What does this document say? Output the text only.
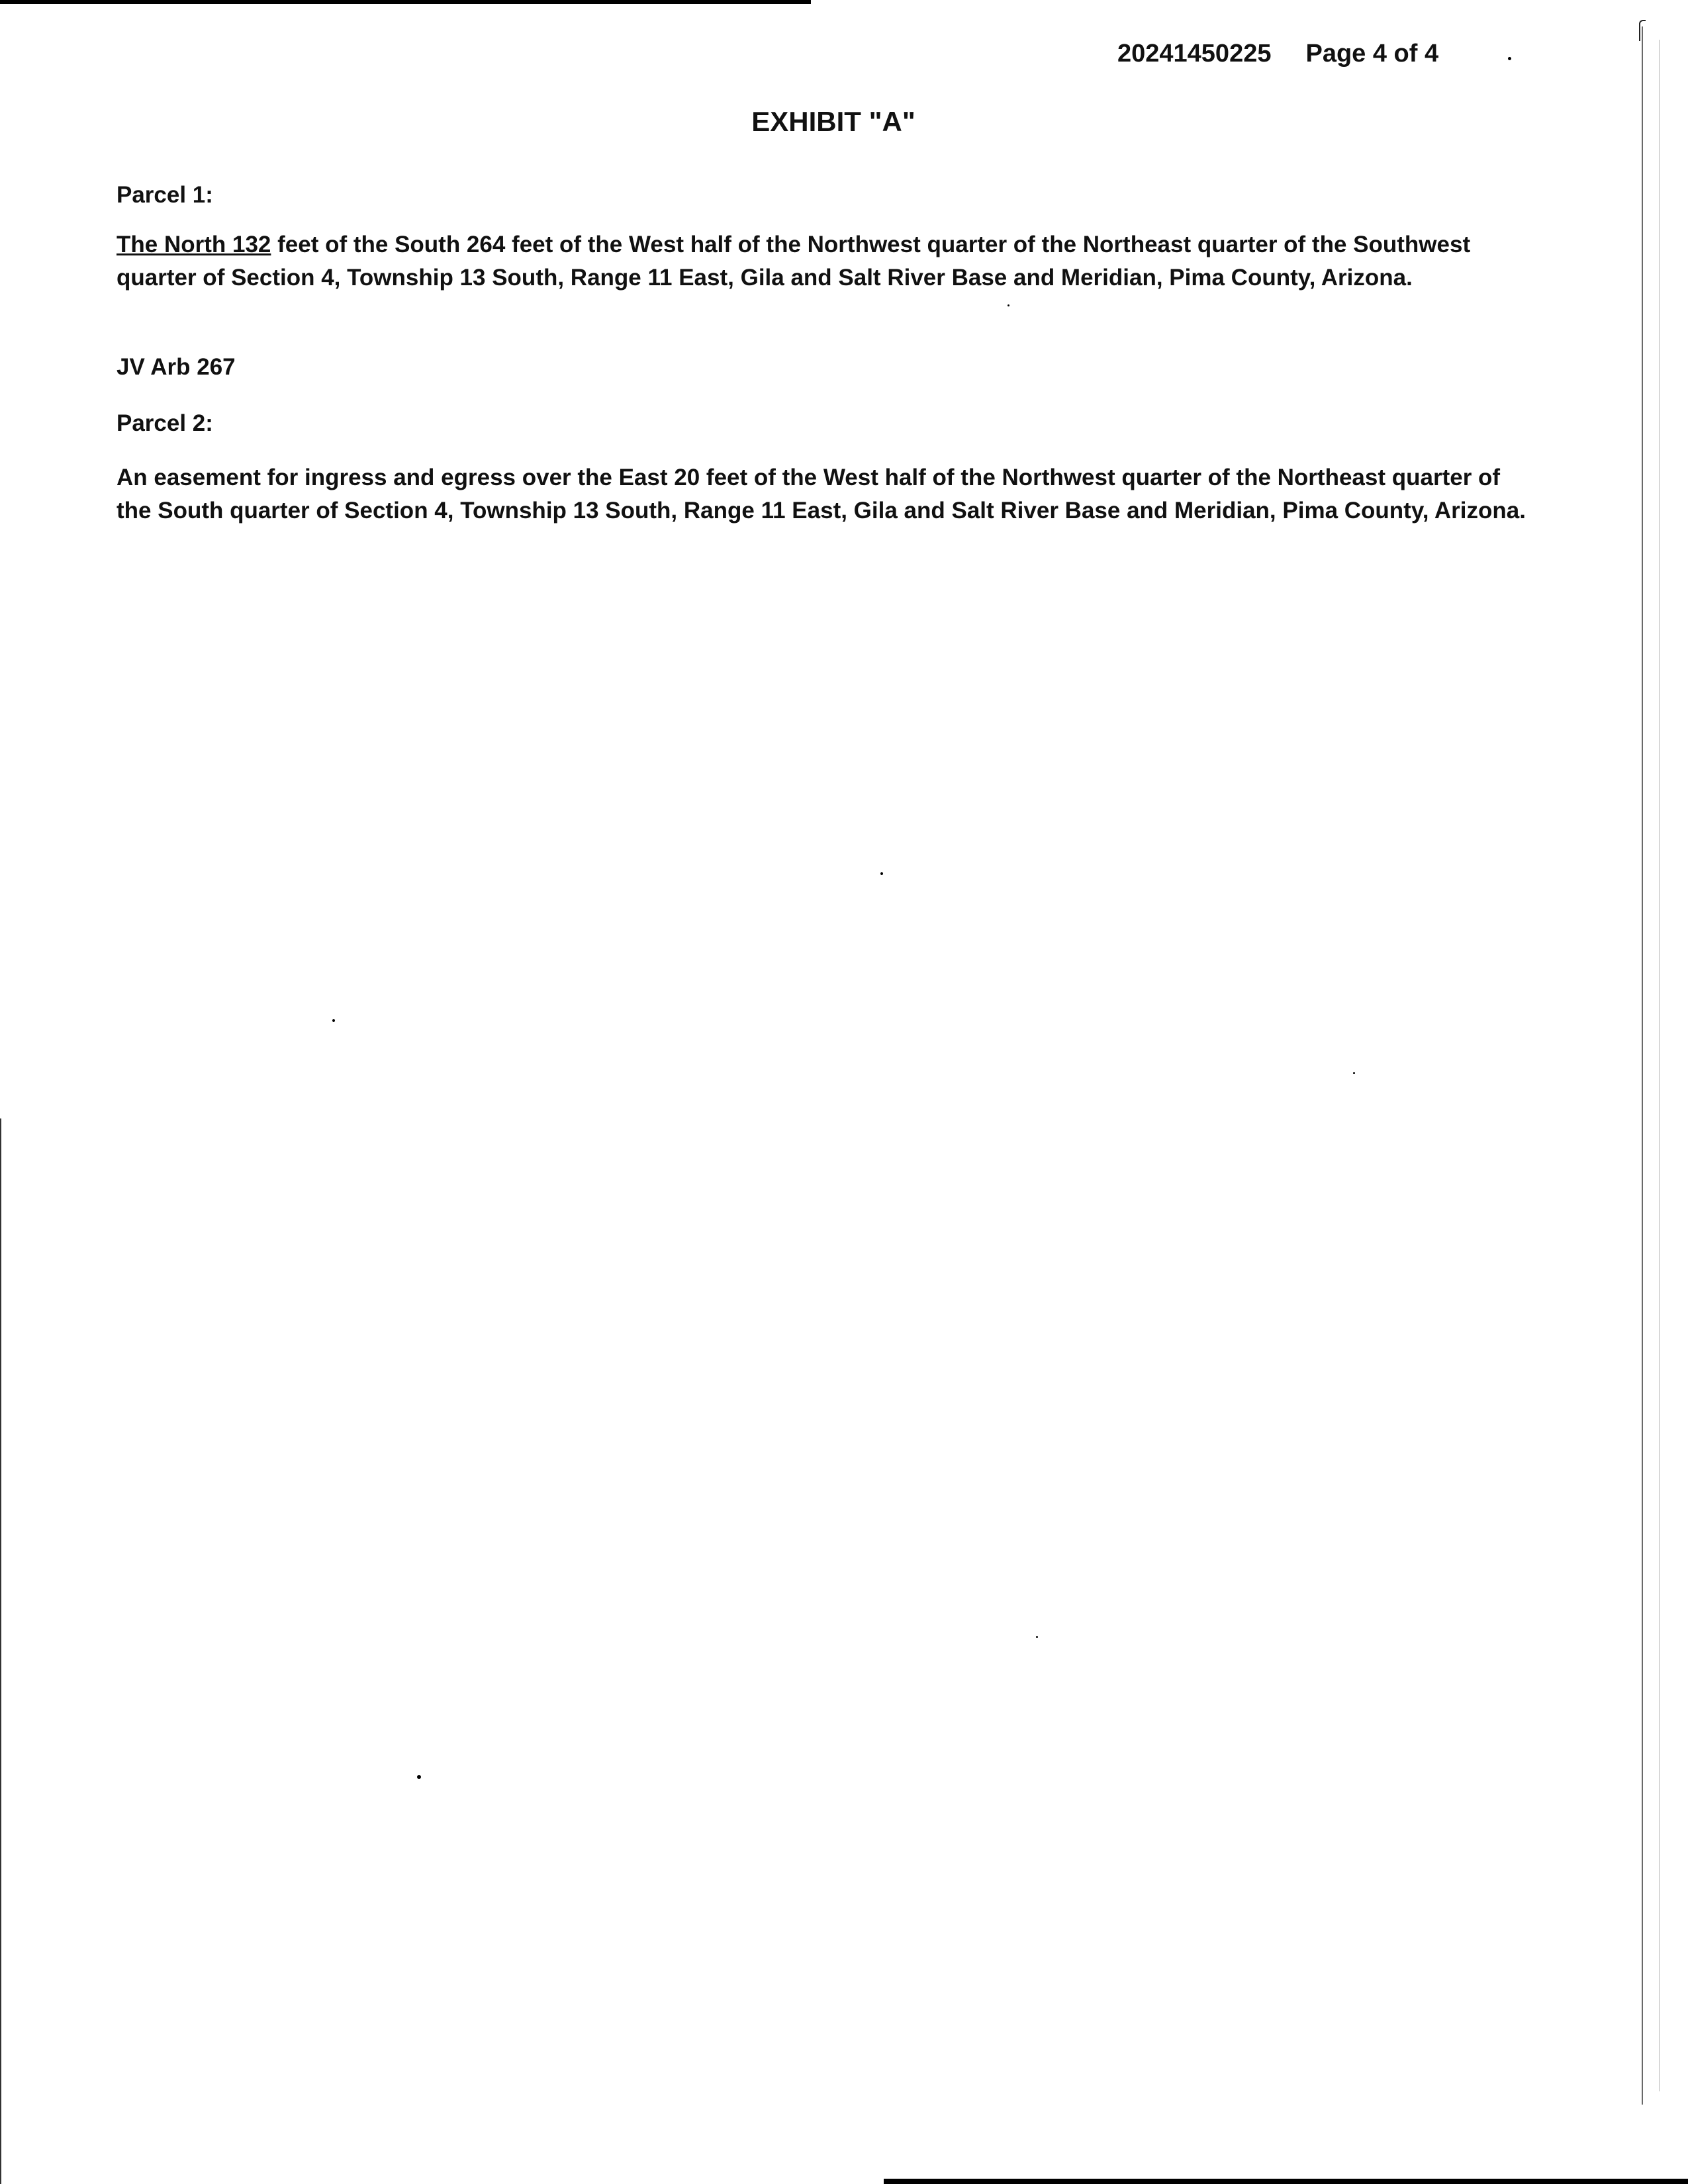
20241450225 Page 4 of 4
EXHIBIT "A"
Parcel 1:
The North 132 feet of the South 264 feet of the West half of the Northwest quarter of the Northeast quarter of the Southwest quarter of Section 4, Township 13 South, Range 11 East, Gila and Salt River Base and Meridian, Pima County, Arizona.
JV Arb 267
Parcel 2:
An easement for ingress and egress over the East 20 feet of the West half of the Northwest quarter of the Northeast quarter of the South quarter of Section 4, Township 13 South, Range 11 East, Gila and Salt River Base and Meridian, Pima County, Arizona.
